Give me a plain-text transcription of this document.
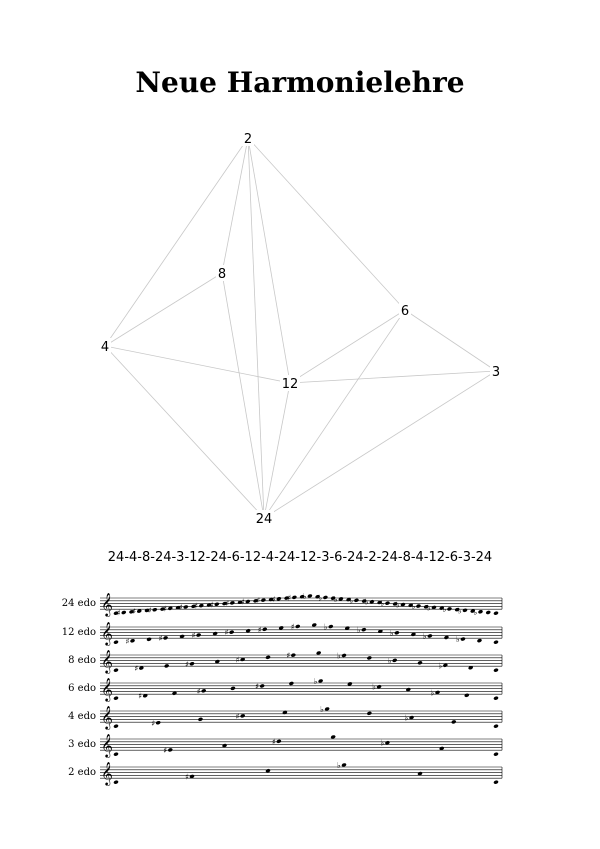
Neue Harmonielehre
2
8
6
4
12
3
24
24-4-8-24-3-12-24-6-12-4-24-12-3-6-24-2-24-8-4-12-6-3-24
24 edo 𝄞 ♯ ♯ ♯ ♯ ♯ ♯ ♯ ♯ ♯ ♯ ♯ ♯ ♭ ♭ ♭ ♭ ♭ ♭ ♭ ♭ ♭ ♭ ♭ ♭
12 edo 𝄞 ♯	♯	♯	♯	♯	♯	♭	♭	♭	♭	♭
8 edo 𝄞	♯	♯	♯	♯	♭
♭
♭
6 edo 𝄞	♯
♯
♯
♭
♭
♭
4 edo 𝄞	♯
♯
♭
♭
3 edo 𝄞	♯
♯	♭
2 edo 𝄞	♯
♭
